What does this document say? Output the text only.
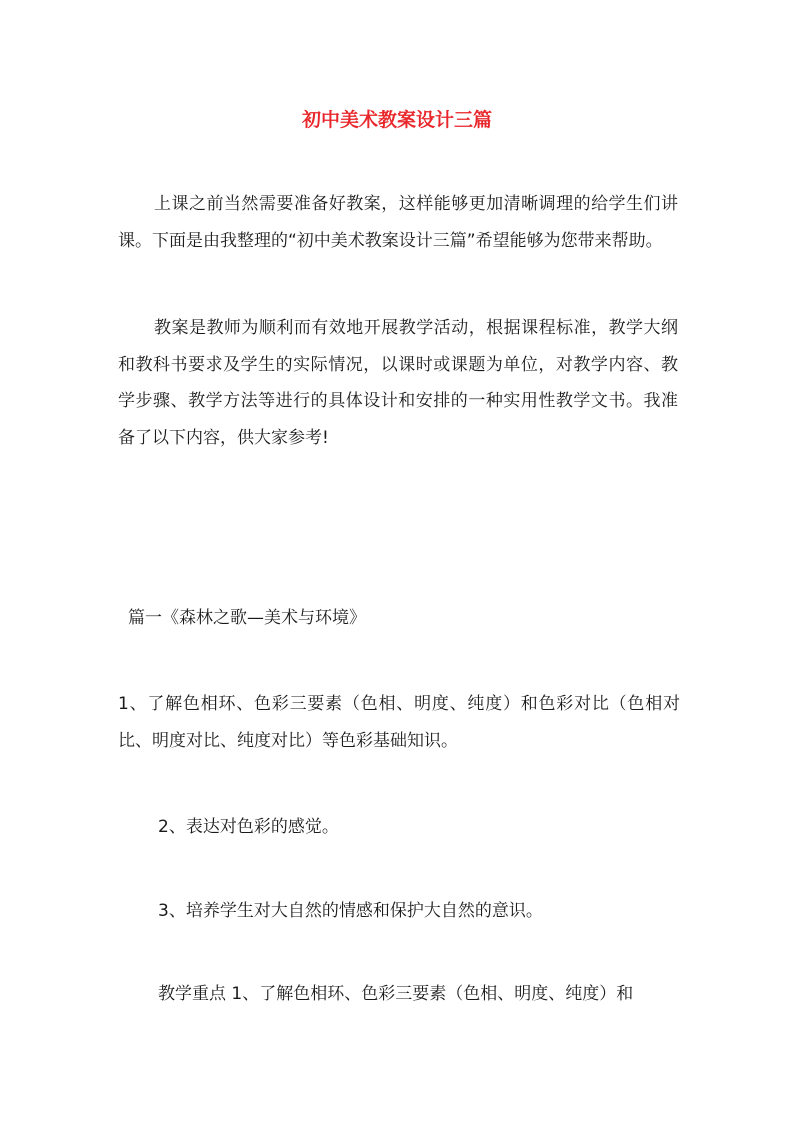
初中美术教案设计三篇

上课之前当然需要准备好教案，这样能够更加清晰调理的给学生们讲课。下面是由我整理的“初中美术教案设计三篇”希望能够为您带来帮助。

教案是教师为顺利而有效地开展教学活动，根据课程标准，教学大纲和教科书要求及学生的实际情况，以课时或课题为单位，对教学内容、教学步骤、教学方法等进行的具体设计和安排的一种实用性教学文书。我准备了以下内容，供大家参考!

篇一《森林之歌—美术与环境》

1、了解色相环、色彩三要素（色相、明度、纯度）和色彩对比（色相对比、明度对比、纯度对比）等色彩基础知识。

2、表达对色彩的感觉。

3、培养学生对大自然的情感和保护大自然的意识。

教学重点 1、了解色相环、色彩三要素（色相、明度、纯度）和
